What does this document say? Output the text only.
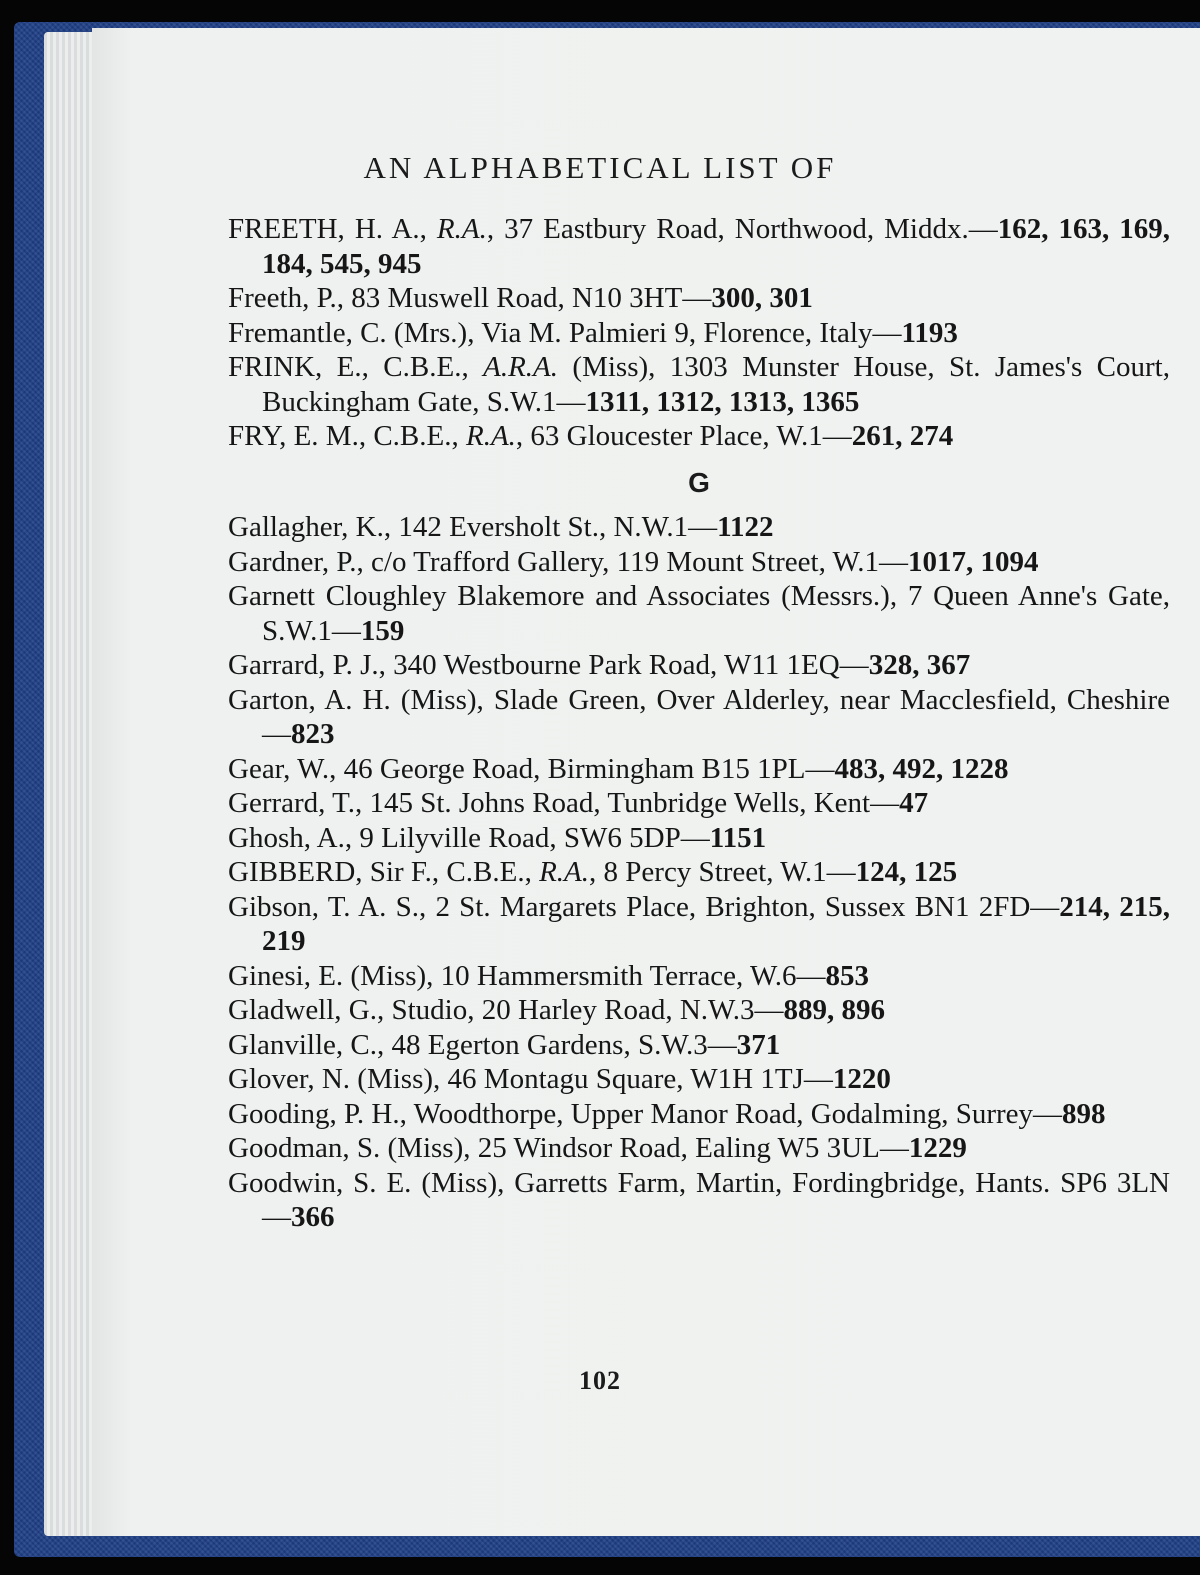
AN ALPHABETICAL LIST OF
FREETH, H. A., R.A., 37 Eastbury Road, Northwood, Middx.—162, 163, 169, 184, 545, 945
Freeth, P., 83 Muswell Road, N10 3HT—300, 301
Fremantle, C. (Mrs.), Via M. Palmieri 9, Florence, Italy—1193
FRINK, E., C.B.E., A.R.A. (Miss), 1303 Munster House, St. James's Court, Buckingham Gate, S.W.1—1311, 1312, 1313, 1365
FRY, E. M., C.B.E., R.A., 63 Gloucester Place, W.1—261, 274
G
Gallagher, K., 142 Eversholt St., N.W.1—1122
Gardner, P., c/o Trafford Gallery, 119 Mount Street, W.1—1017, 1094
Garnett Cloughley Blakemore and Associates (Messrs.), 7 Queen Anne's Gate, S.W.1—159
Garrard, P. J., 340 Westbourne Park Road, W11 1EQ—328, 367
Garton, A. H. (Miss), Slade Green, Over Alderley, near Macclesfield, Cheshire—823
Gear, W., 46 George Road, Birmingham B15 1PL—483, 492, 1228
Gerrard, T., 145 St. Johns Road, Tunbridge Wells, Kent—47
Ghosh, A., 9 Lilyville Road, SW6 5DP—1151
GIBBERD, Sir F., C.B.E., R.A., 8 Percy Street, W.1—124, 125
Gibson, T. A. S., 2 St. Margarets Place, Brighton, Sussex BN1 2FD—214, 215, 219
Ginesi, E. (Miss), 10 Hammersmith Terrace, W.6—853
Gladwell, G., Studio, 20 Harley Road, N.W.3—889, 896
Glanville, C., 48 Egerton Gardens, S.W.3—371
Glover, N. (Miss), 46 Montagu Square, W1H 1TJ—1220
Gooding, P. H., Woodthorpe, Upper Manor Road, Godalming, Surrey—898
Goodman, S. (Miss), 25 Windsor Road, Ealing W5 3UL—1229
Goodwin, S. E. (Miss), Garretts Farm, Martin, Fordingbridge, Hants. SP6 3LN—366
102
